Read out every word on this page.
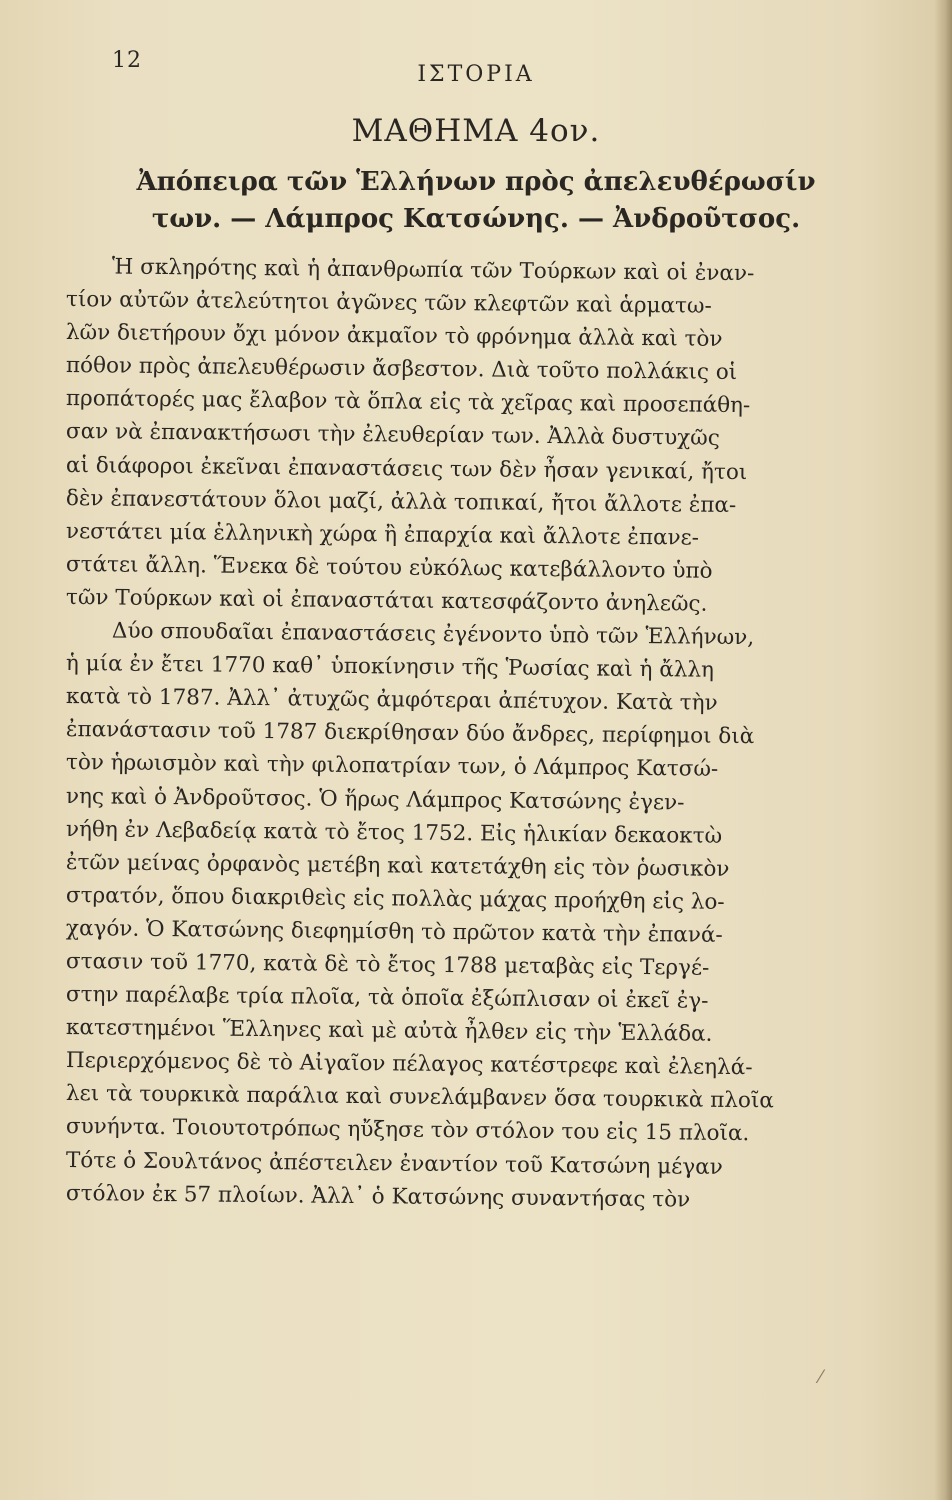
12
ΙΣΤΟΡΙΑ
ΜΑΘΗΜΑ 4ον.
Ἀπόπειρα τῶν Ἑλλήνων πρὸς ἀπελευθέρωσίν
των. — Λάμπρος Κατσώνης. — Ἀνδροῦτσος.
Ἡ σκληρότης καὶ ἡ ἀπανθρωπία τῶν Τούρκων καὶ οἱ ἐναν-
τίον αὐτῶν ἀτελεύτητοι ἀγῶνες τῶν κλεφτῶν καὶ ἁρματω-
λῶν διετήρουν ὄχι μόνον ἀκμαῖον τὸ φρόνημα ἀλλὰ καὶ τὸν
πόθον πρὸς ἀπελευθέρωσιν ἄσβεστον. Διὰ τοῦτο πολλάκις οἱ
προπάτορές μας ἔλαβον τὰ ὅπλα εἰς τὰ χεῖρας καὶ προσεπάθη-
σαν νὰ ἐπανακτήσωσι τὴν ἐλευθερίαν των. Ἀλλὰ δυστυχῶς
αἱ διάφοροι ἐκεῖναι ἐπαναστάσεις των δὲν ἦσαν γενικαί, ἤτοι
δὲν ἐπανεστάτουν ὅλοι μαζί, ἀλλὰ τοπικαί, ἤτοι ἄλλοτε ἐπα-
νεστάτει μία ἑλληνικὴ χώρα ἢ ἐπαρχία καὶ ἄλλοτε ἐπανε-
στάτει ἄλλη. Ἕνεκα δὲ τούτου εὐκόλως κατεβάλλοντο ὑπὸ
τῶν Τούρκων καὶ οἱ ἐπαναστάται κατεσφάζοντο ἀνηλεῶς.
Δύο σπουδαῖαι ἐπαναστάσεις ἐγένοντο ὑπὸ τῶν Ἑλλήνων,
ἡ μία ἐν ἔτει 1770 καθ᾽ ὑποκίνησιν τῆς Ῥωσίας καὶ ἡ ἄλλη
κατὰ τὸ 1787. Ἀλλ᾽ ἀτυχῶς ἀμφότεραι ἀπέτυχον. Κατὰ τὴν
ἐπανάστασιν τοῦ 1787 διεκρίθησαν δύο ἄνδρες, περίφημοι διὰ
τὸν ἡρωισμὸν καὶ τὴν φιλοπατρίαν των, ὁ Λάμπρος Κατσώ-
νης καὶ ὁ Ἀνδροῦτσος. Ὁ ἥρως Λάμπρος Κατσώνης ἐγεν-
νήθη ἐν Λεβαδείᾳ κατὰ τὸ ἔτος 1752. Εἰς ἡλικίαν δεκαοκτὼ
ἐτῶν μείνας ὀρφανὸς μετέβη καὶ κατετάχθη εἰς τὸν ῥωσικὸν
στρατόν, ὅπου διακριθεὶς εἰς πολλὰς μάχας προήχθη εἰς λο-
χαγόν. Ὁ Κατσώνης διεφημίσθη τὸ πρῶτον κατὰ τὴν ἐπανά-
στασιν τοῦ 1770, κατὰ δὲ τὸ ἔτος 1788 μεταβὰς εἰς Τεργέ-
στην παρέλαβε τρία πλοῖα, τὰ ὁποῖα ἐξώπλισαν οἱ ἐκεῖ ἐγ-
κατεστημένοι Ἕλληνες καὶ μὲ αὐτὰ ἦλθεν εἰς τὴν Ἑλλάδα.
Περιερχόμενος δὲ τὸ Αἰγαῖον πέλαγος κατέστρεφε καὶ ἐλεηλά-
λει τὰ τουρκικὰ παράλια καὶ συνελάμβανεν ὅσα τουρκικὰ πλοῖα
συνήντα. Τοιουτοτρόπως ηὔξησε τὸν στόλον του εἰς 15 πλοῖα.
Τότε ὁ Σουλτάνος ἀπέστειλεν ἐναντίον τοῦ Κατσώνη μέγαν
στόλον ἐκ 57 πλοίων. Ἀλλ᾽ ὁ Κατσώνης συναντήσας τὸν
⁄
